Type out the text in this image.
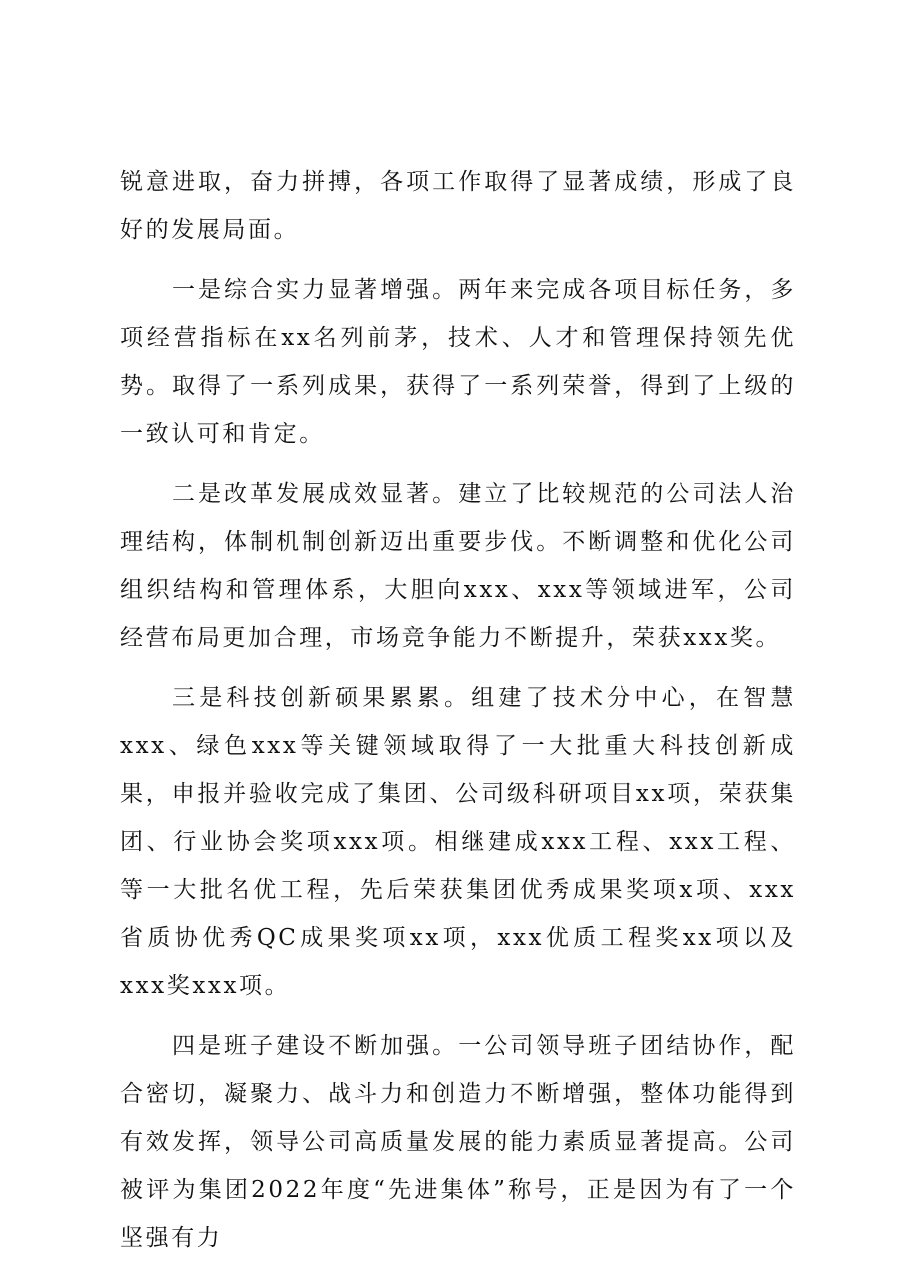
锐意进取，奋力拼搏，各项工作取得了显著成绩，形成了良好的发展局面。

一是综合实力显著增强。两年来完成各项目标任务，多项经营指标在xx名列前茅，技术、人才和管理保持领先优势。取得了一系列成果，获得了一系列荣誉，得到了上级的一致认可和肯定。

二是改革发展成效显著。建立了比较规范的公司法人治理结构，体制机制创新迈出重要步伐。不断调整和优化公司组织结构和管理体系，大胆向xxx、xxx等领域进军，公司经营布局更加合理，市场竞争能力不断提升，荣获xxx奖。

三是科技创新硕果累累。组建了技术分中心，在智慧xxx、绿色xxx等关键领域取得了一大批重大科技创新成果，申报并验收完成了集团、公司级科研项目xx项，荣获集团、行业协会奖项xxx项。相继建成xxx工程、xxx工程、等一大批名优工程，先后荣获集团优秀成果奖项x项、xxx省质协优秀QC成果奖项xx项，xxx优质工程奖xx项以及xxx奖xxx项。

四是班子建设不断加强。一公司领导班子团结协作，配合密切，凝聚力、战斗力和创造力不断增强，整体功能得到有效发挥，领导公司高质量发展的能力素质显著提高。公司被评为集团2022年度“先进集体”称号，正是因为有了一个坚强有力
